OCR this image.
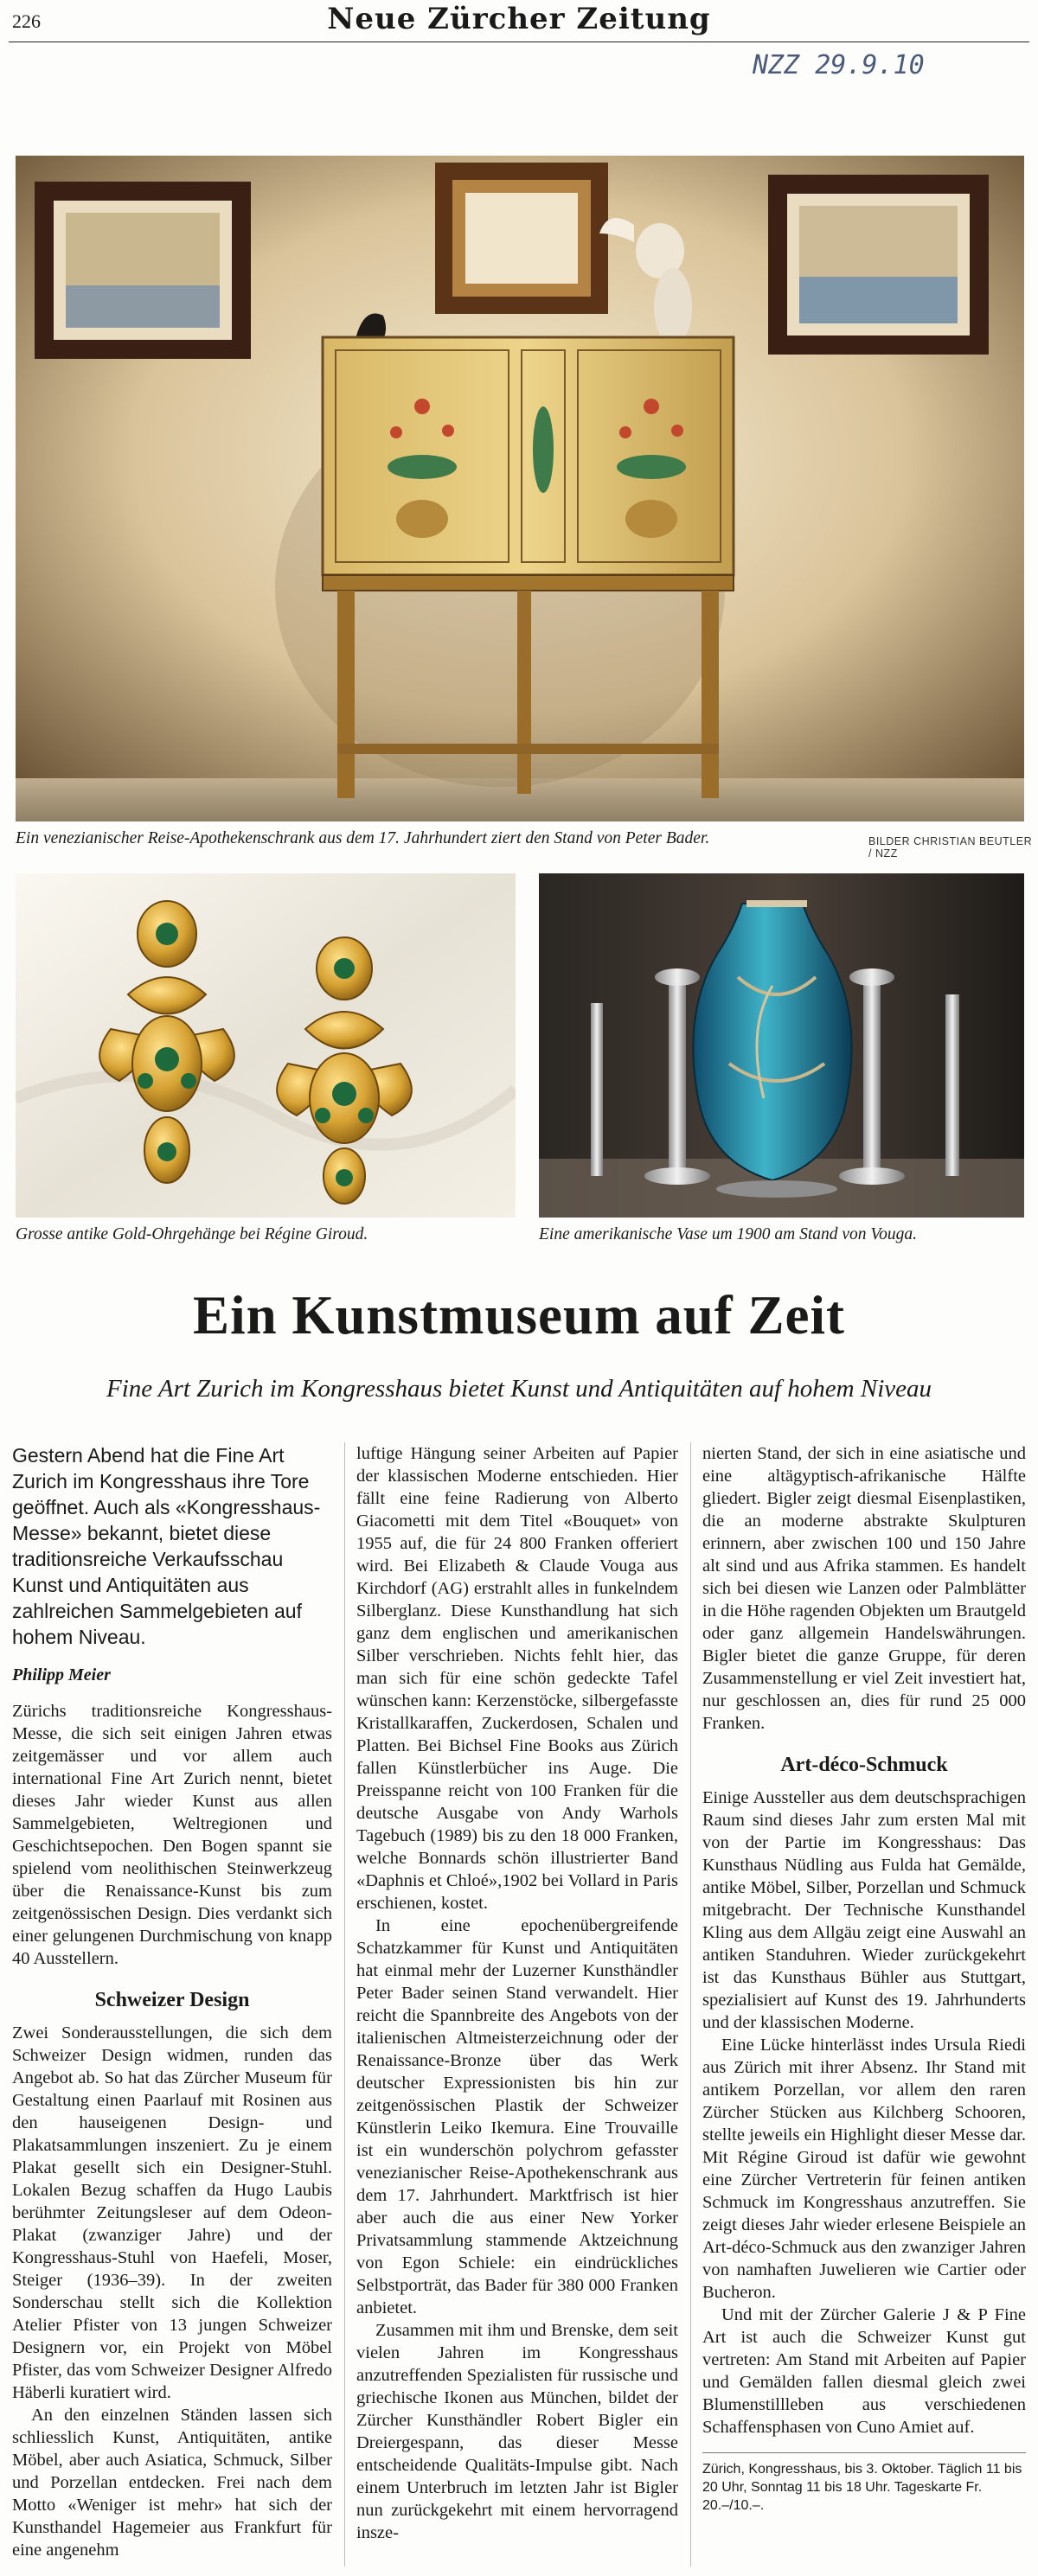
226	Neue Zürcher Zeitung
NZZ 29.9.10
Ein venezianischer Reise-Apothekenschrank aus dem 17. Jahrhundert ziert den Stand von Peter Bader.	BILDER CHRISTIAN BEUTLER / NZZ
Grosse antike Gold-Ohrgehänge bei Régine Giroud.	Eine amerikanische Vase um 1900 am Stand von Vouga.
Ein Kunstmuseum auf Zeit
Fine Art Zurich im Kongresshaus bietet Kunst und Antiquitäten auf hohem Niveau
Gestern Abend hat die Fine Art Zurich im Kongresshaus ihre Tore geöffnet. Auch als «Kongresshaus-Messe» bekannt, bietet diese traditionsreiche Verkaufsschau Kunst und Antiquitäten aus zahlreichen Sammelgebieten auf hohem Niveau.
Philipp Meier

Zürichs traditionsreiche Kongresshaus-Messe, die sich seit einigen Jahren etwas zeitgemässer und vor allem auch international Fine Art Zurich nennt, bietet dieses Jahr wieder Kunst aus allen Sammelgebieten, Weltregionen und Geschichtsepochen. Den Bogen spannt sie spielend vom neolithischen Steinwerkzeug über die Renaissance-Kunst bis zum zeitgenössischen Design. Dies verdankt sich einer gelungenen Durchmischung von knapp 40 Ausstellern.

Schweizer Design

Zwei Sonderausstellungen, die sich dem Schweizer Design widmen, runden das Angebot ab. So hat das Zürcher Museum für Gestaltung einen Paarlauf mit Rosinen aus den hauseigenen Design- und Plakatsammlungen inszeniert. Zu je einem Plakat gesellt sich ein Designer-Stuhl. Lokalen Bezug schaffen da Hugo Laubis berühmter Zeitungsleser auf dem Odeon-Plakat (zwanziger Jahre) und der Kongresshaus-Stuhl von Haefeli, Moser, Steiger (1936–39). In der zweiten Sonderschau stellt sich die Kollektion Atelier Pfister von 13 jungen Schweizer Designern vor, ein Projekt von Möbel Pfister, das vom Schweizer Designer Alfredo Häberli kuratiert wird.

An den einzelnen Ständen lassen sich schliesslich Kunst, Antiquitäten, antike Möbel, aber auch Asiatica, Schmuck, Silber und Porzellan entdecken. Frei nach dem Motto «Weniger ist mehr» hat sich der Kunsthandel Hagemeier aus Frankfurt für eine angenehm

luftige Hängung seiner Arbeiten auf Papier der klassischen Moderne entschieden. Hier fällt eine feine Radierung von Alberto Giacometti mit dem Titel «Bouquet» von 1955 auf, die für 24 800 Franken offeriert wird. Bei Elizabeth & Claude Vouga aus Kirchdorf (AG) erstrahlt alles in funkelndem Silberglanz. Diese Kunsthandlung hat sich ganz dem englischen und amerikanischen Silber verschrieben. Nichts fehlt hier, das man sich für eine schön gedeckte Tafel wünschen kann: Kerzenstöcke, silbergefasste Kristallkaraffen, Zuckerdosen, Schalen und Platten. Bei Bichsel Fine Books aus Zürich fallen Künstlerbücher ins Auge. Die Preisspanne reicht von 100 Franken für die deutsche Ausgabe von Andy Warhols Tagebuch (1989) bis zu den 18 000 Franken, welche Bonnards schön illustrierter Band «Daphnis et Chloé»,1902 bei Vollard in Paris erschienen, kostet.

In eine epochenübergreifende Schatzkammer für Kunst und Antiquitäten hat einmal mehr der Luzerner Kunsthändler Peter Bader seinen Stand verwandelt. Hier reicht die Spannbreite des Angebots von der italienischen Altmeisterzeichnung oder der Renaissance-Bronze über das Werk deutscher Expressionisten bis hin zur zeitgenössischen Plastik der Schweizer Künstlerin Leiko Ikemura. Eine Trouvaille ist ein wunderschön polychrom gefasster venezianischer Reise-Apothekenschrank aus dem 17. Jahrhundert. Marktfrisch ist hier aber auch die aus einer New Yorker Privatsammlung stammende Aktzeichnung von Egon Schiele: ein eindrückliches Selbstporträt, das Bader für 380 000 Franken anbietet.

Zusammen mit ihm und Brenske, dem seit vielen Jahren im Kongresshaus anzutreffenden Spezialisten für russische und griechische Ikonen aus München, bildet der Zürcher Kunsthändler Robert Bigler ein Dreiergespann, das dieser Messe entscheidende Qualitäts-Impulse gibt. Nach einem Unterbruch im letzten Jahr ist Bigler nun zurückgekehrt mit einem hervorragend insze-

nierten Stand, der sich in eine asiatische und eine altägyptisch-afrikanische Hälfte gliedert. Bigler zeigt diesmal Eisenplastiken, die an moderne abstrakte Skulpturen erinnern, aber zwischen 100 und 150 Jahre alt sind und aus Afrika stammen. Es handelt sich bei diesen wie Lanzen oder Palmblätter in die Höhe ragenden Objekten um Brautgeld oder ganz allgemein Handelswährungen. Bigler bietet die ganze Gruppe, für deren Zusammenstellung er viel Zeit investiert hat, nur geschlossen an, dies für rund 25 000 Franken.

Art-déco-Schmuck

Einige Aussteller aus dem deutschsprachigen Raum sind dieses Jahr zum ersten Mal mit von der Partie im Kongresshaus: Das Kunsthaus Nüdling aus Fulda hat Gemälde, antike Möbel, Silber, Porzellan und Schmuck mitgebracht. Der Technische Kunsthandel Kling aus dem Allgäu zeigt eine Auswahl an antiken Standuhren. Wieder zurückgekehrt ist das Kunsthaus Bühler aus Stuttgart, spezialisiert auf Kunst des 19. Jahrhunderts und der klassischen Moderne.

Eine Lücke hinterlässt indes Ursula Riedi aus Zürich mit ihrer Absenz. Ihr Stand mit antikem Porzellan, vor allem den raren Zürcher Stücken aus Kilchberg Schooren, stellte jeweils ein Highlight dieser Messe dar. Mit Régine Giroud ist dafür wie gewohnt eine Zürcher Vertreterin für feinen antiken Schmuck im Kongresshaus anzutreffen. Sie zeigt dieses Jahr wieder erlesene Beispiele an Art-déco-Schmuck aus den zwanziger Jahren von namhaften Juwelieren wie Cartier oder Bucheron.

Und mit der Zürcher Galerie J & P Fine Art ist auch die Schweizer Kunst gut vertreten: Am Stand mit Arbeiten auf Papier und Gemälden fallen diesmal gleich zwei Blumenstillleben aus verschiedenen Schaffensphasen von Cuno Amiet auf.

Zürich, Kongresshaus, bis 3. Oktober. Täglich 11 bis 20 Uhr, Sonntag 11 bis 18 Uhr. Tageskarte Fr. 20.–/10.–.
